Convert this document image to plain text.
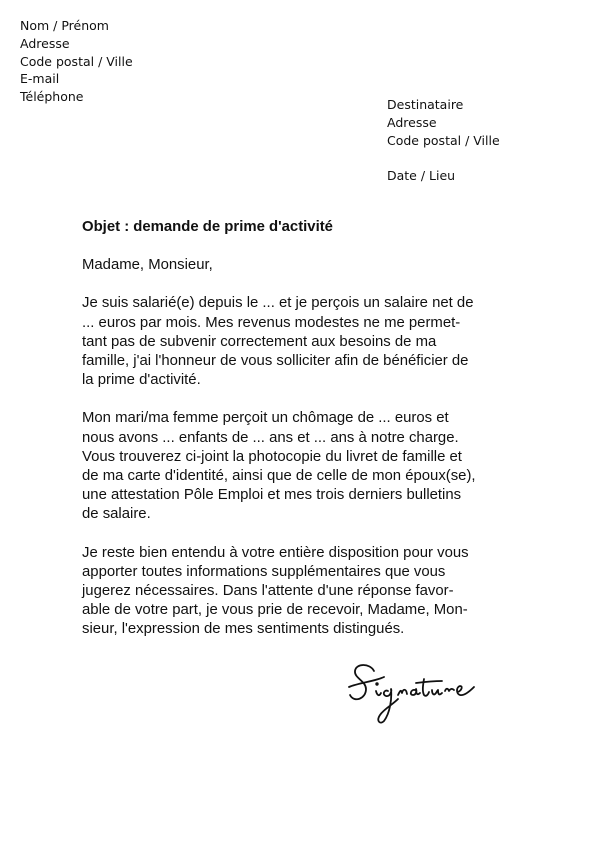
Nom / Prénom
Adresse
Code postal / Ville
E-mail
Téléphone
Destinataire
Adresse
Code postal / Ville
Date / Lieu
Objet : demande de prime d'activité
Madame, Monsieur,
Je suis salarié(e) depuis le ... et je perçois un salaire net de
... euros par mois. Mes revenus modestes ne me permet-
tant pas de subvenir correctement aux besoins de ma
famille, j'ai l'honneur de vous solliciter afin de bénéficier de
la prime d'activité.
Mon mari/ma femme perçoit un chômage de ... euros et
nous avons ... enfants de ... ans et ... ans à notre charge.
Vous trouverez ci-joint la photocopie du livret de famille et
de ma carte d'identité, ainsi que de celle de mon époux(se),
une attestation Pôle Emploi et mes trois derniers bulletins
de salaire.
Je reste bien entendu à votre entière disposition pour vous
apporter toutes informations supplémentaires que vous
jugerez nécessaires. Dans l'attente d'une réponse favor-
able de votre part, je vous prie de recevoir, Madame, Mon-
sieur, l'expression de mes sentiments distingués.
